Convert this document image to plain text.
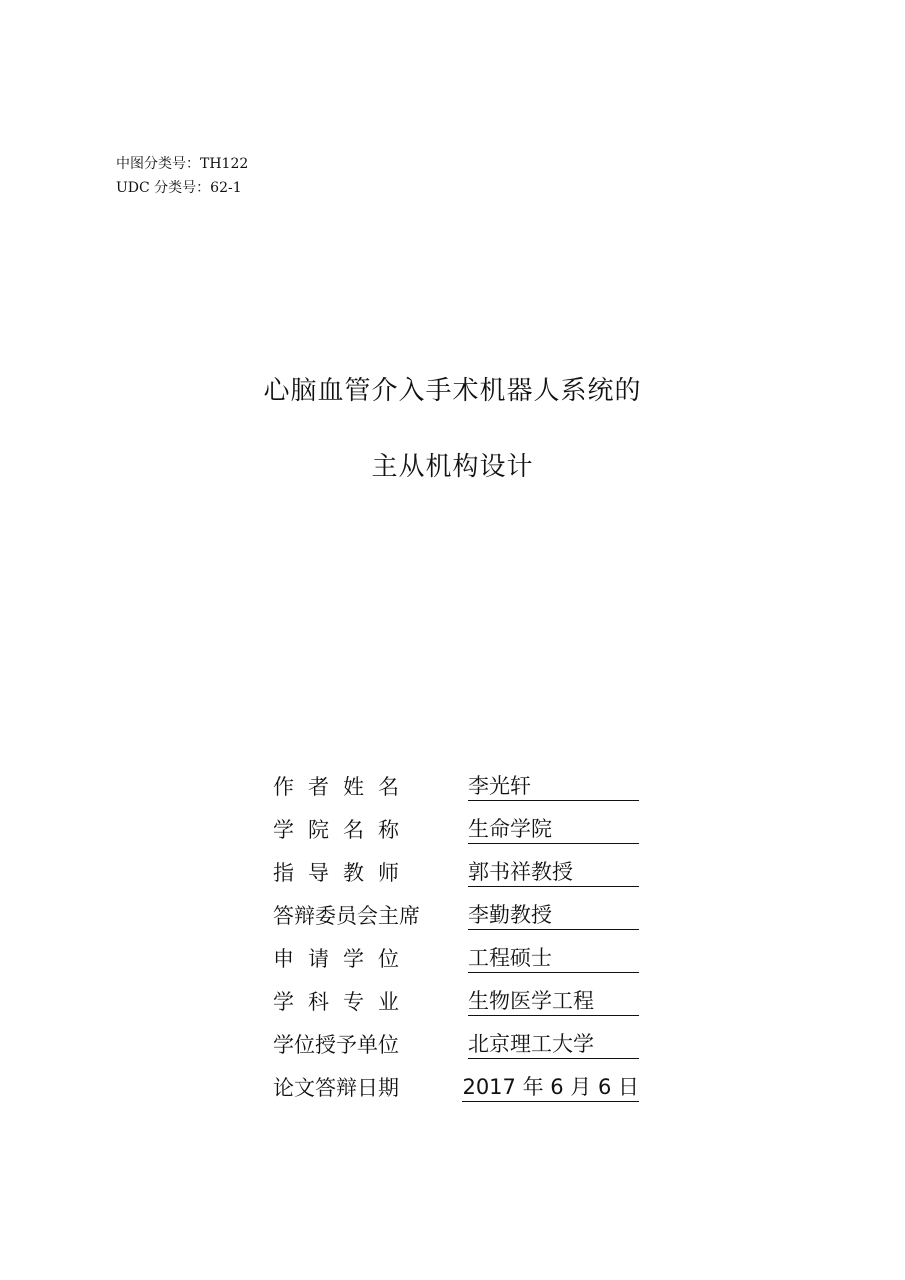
中图分类号：TH122
UDC 分类号：62-1
心脑血管介入手术机器人系统的
主从机构设计
作者姓名	李光轩
学院名称	生命学院
指导教师	郭书祥教授
答辩委员会主席	李勤教授
申请学位	工程硕士
学科专业	生物医学工程
学位授予单位	北京理工大学
论文答辩日期	2017 年 6 月 6 日
